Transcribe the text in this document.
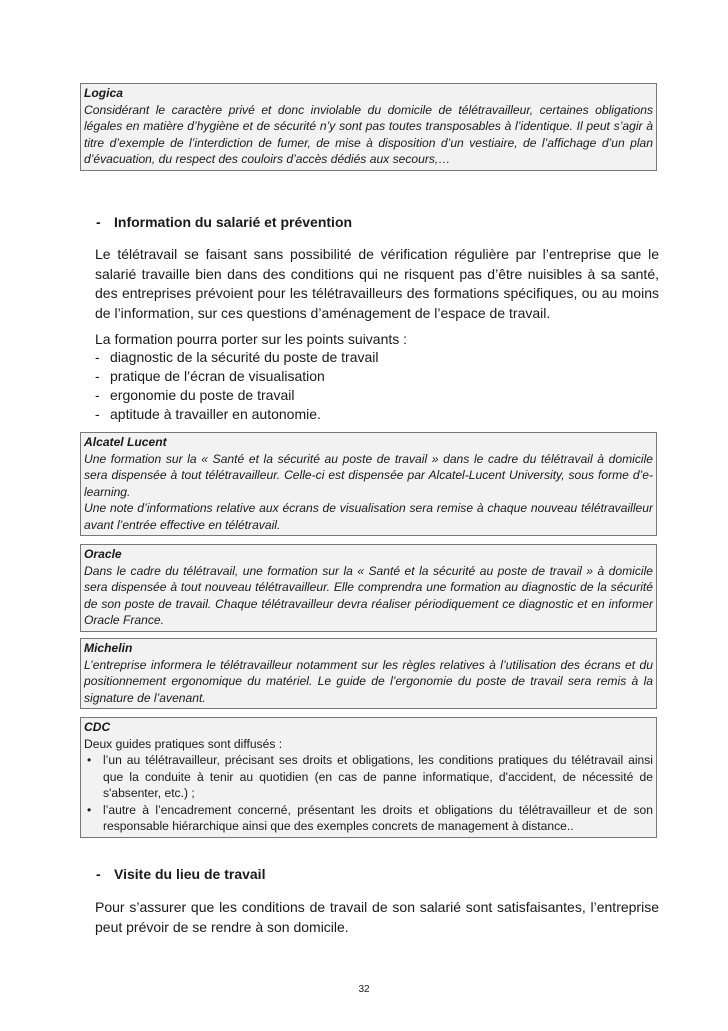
Logica
Considérant le caractère privé et donc inviolable du domicile de télétravailleur, certaines obligations légales en matière d’hygiène et de sécurité n’y sont pas toutes transposables à l’identique. Il peut s’agir à titre d’exemple de l’interdiction de fumer, de mise à disposition d’un vestiaire, de l’affichage d’un plan d’évacuation, du respect des couloirs d’accès dédiés aux secours,…
- Information du salarié et prévention

Le télétravail se faisant sans possibilité de vérification régulière par l’entreprise que le salarié travaille bien dans des conditions qui ne risquent pas d’être nuisibles à sa santé, des entreprises prévoient pour les télétravailleurs des formations spécifiques, ou au moins de l’information, sur ces questions d’aménagement de l’espace de travail.

La formation pourra porter sur les points suivants :

- diagnostic de la sécurité du poste de travail
- pratique de l’écran de visualisation
- ergonomie du poste de travail
- aptitude à travailler en autonomie.
Alcatel Lucent
Une formation sur la « Santé et la sécurité au poste de travail » dans le cadre du télétravail à domicile sera dispensée à tout télétravailleur. Celle-ci est dispensée par Alcatel-Lucent University, sous forme d’e-learning.
Une note d’informations relative aux écrans de visualisation sera remise à chaque nouveau télétravailleur avant l’entrée effective en télétravail.
Oracle
Dans le cadre du télétravail, une formation sur la « Santé et la sécurité au poste de travail » à domicile sera dispensée à tout nouveau télétravailleur. Elle comprendra une formation au diagnostic de la sécurité de son poste de travail. Chaque télétravailleur devra réaliser périodiquement ce diagnostic et en informer Oracle France.
Michelin
L’entreprise informera le télétravailleur notamment sur les règles relatives à l’utilisation des écrans et du positionnement ergonomique du matériel. Le guide de l’ergonomie du poste de travail sera remis à la signature de l’avenant.
CDC
Deux guides pratiques sont diffusés :
• l’un au télétravailleur, précisant ses droits et obligations, les conditions pratiques du télétravail ainsi que la conduite à tenir au quotidien (en cas de panne informatique, d'accident, de nécessité de s'absenter, etc.) ;
• l’autre à l’encadrement concerné, présentant les droits et obligations du télétravailleur et de son responsable hiérarchique ainsi que des exemples concrets de management à distance..
- Visite du lieu de travail

Pour s’assurer que les conditions de travail de son salarié sont satisfaisantes, l’entreprise peut prévoir de se rendre à son domicile.

32
